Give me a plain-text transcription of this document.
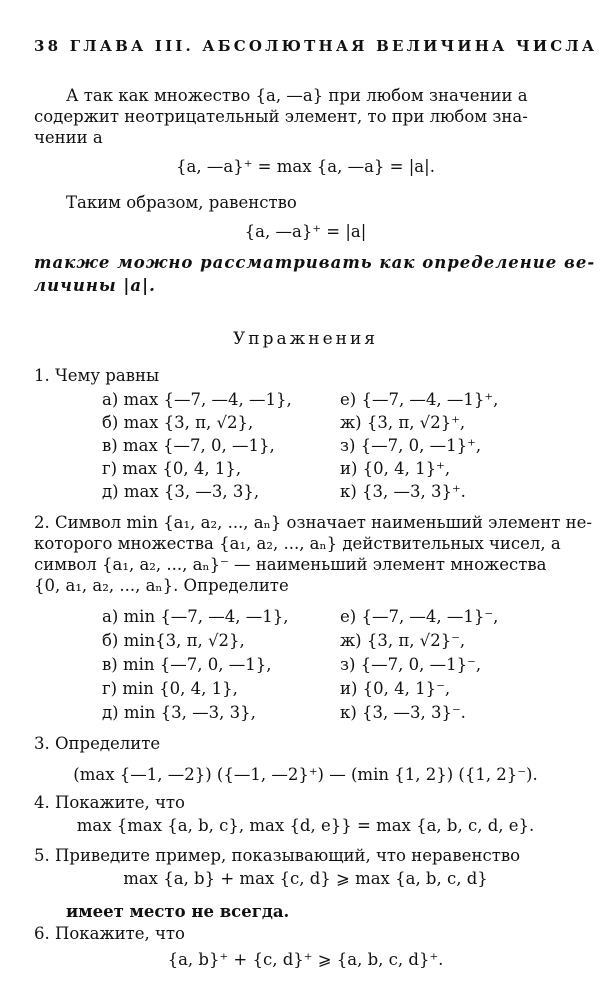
38 ГЛАВА III. АБСОЛЮТНАЯ ВЕЛИЧИНА ЧИСЛА
А так как множество {a, —a} при любом значении a
содержит неотрицательный элемент, то при любом зна-
чении a
{a, —a}⁺ = max {a, —a} = |a|.
Таким образом, равенство
{a, —a}⁺ = |a|
также можно рассматривать как определение ве-
личины |a|.
Упражнения
1. Чему равны
а) max {—7, —4, —1},
б) max {3, π, √2},
в) max {—7, 0, —1},
г) max {0, 4, 1},
д) max {3, —3, 3},
е) {—7, —4, —1}⁺,
ж) {3, π, √2}⁺,
з) {—7, 0, —1}⁺,
и) {0, 4, 1}⁺,
к) {3, —3, 3}⁺.
2. Символ min {a₁, a₂, ..., aₙ} означает наименьший элемент не-
которого множества {a₁, a₂, ..., aₙ} действительных чисел, а
символ {a₁, a₂, ..., aₙ}⁻ — наименьший элемент множества
{0, a₁, a₂, ..., aₙ}. Определите
а) min {—7, —4, —1},
б) min{3, π, √2},
в) min {—7, 0, —1},
г) min {0, 4, 1},
д) min {3, —3, 3},
е) {—7, —4, —1}⁻,
ж) {3, π, √2}⁻,
з) {—7, 0, —1}⁻,
и) {0, 4, 1}⁻,
к) {3, —3, 3}⁻.
3. Определите
(max {—1, —2}) ({—1, —2}⁺) — (min {1, 2}) ({1, 2}⁻).
4. Покажите, что
max {max {a, b, c}, max {d, e}} = max {a, b, c, d, e}.
5. Приведите пример, показывающий, что неравенство
max {a, b} + max {c, d} ⩾ max {a, b, c, d}
имеет место не всегда.
6. Покажите, что
{a, b}⁺ + {c, d}⁺ ⩾ {a, b, c, d}⁺.
